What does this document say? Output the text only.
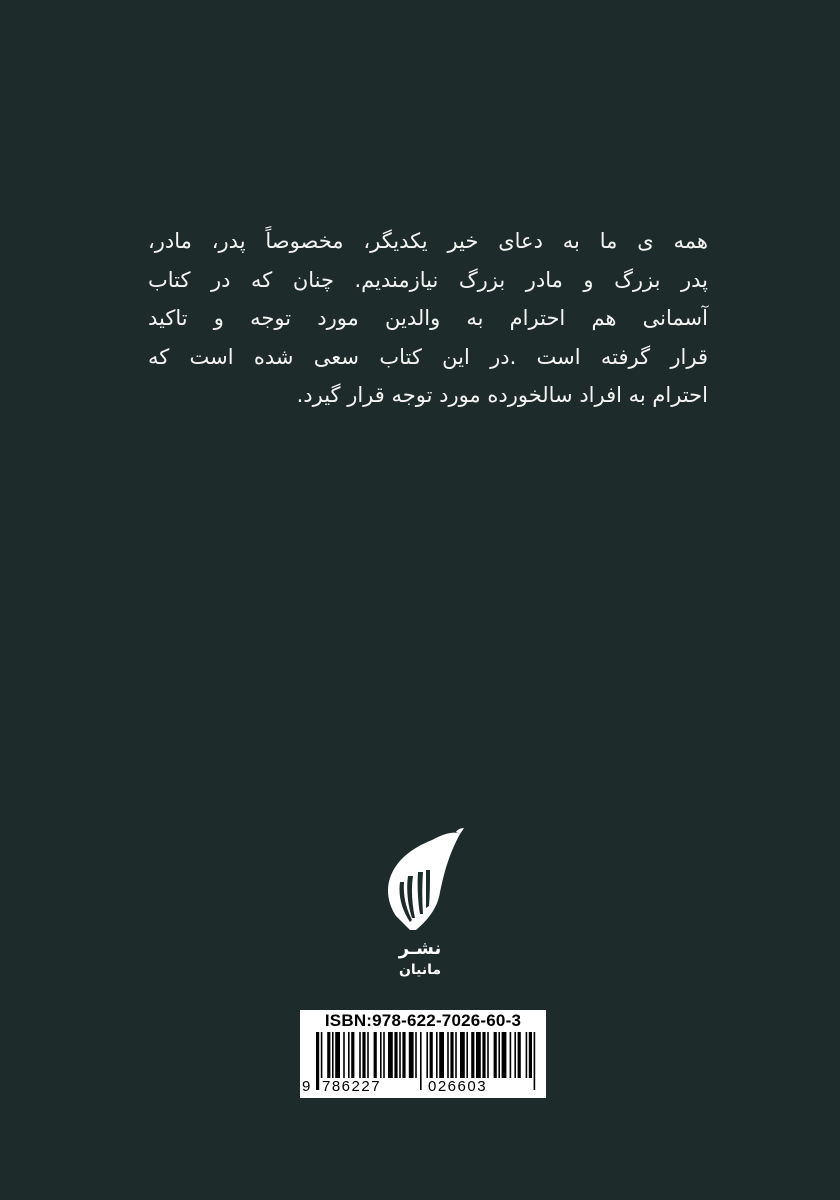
همه ی ما به دعای خیر یکدیگر، مخصوصاً پدر، مادر،
پدر بزرگ و مادر بزرگ نیازمندیم. چنان که در کتاب
آسمانی هم احترام به والدین مورد توجه و تاکید
قرار گرفته است .در این کتاب سعی شده است که
احترام به افراد سالخورده مورد توجه قرار گیرد.
نشـر
مانیان
ISBN:978-622-7026-60-3
9 786227	026603
